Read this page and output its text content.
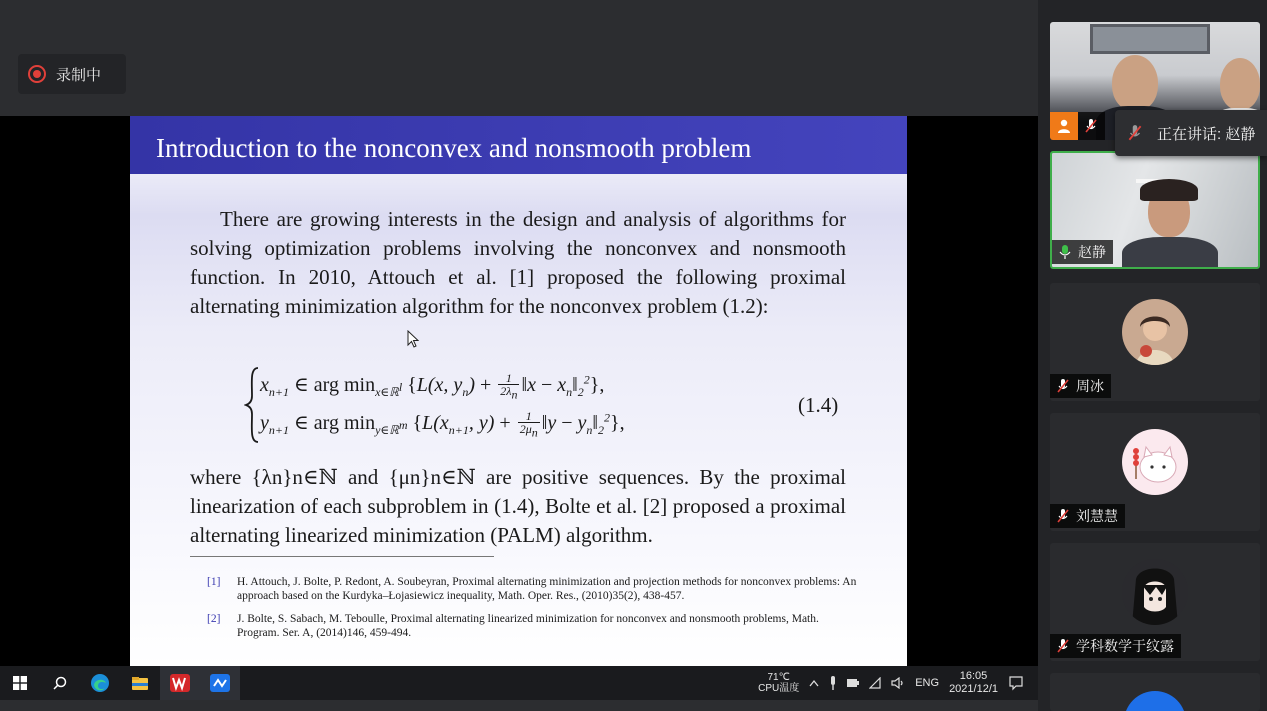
录制中
Introduction to the nonconvex and nonsmooth problem

There are growing interests in the design and analysis of algorithms for solving optimization problems involving the nonconvex and nonsmooth function. In 2010, Attouch et al. [1] proposed the following proximal alternating minimization algorithm for the nonconvex problem (1.2):

$x_{n+1}$ ∈ arg $\min_{x\in ℝ^l} \{L(x$, $y_n) + \frac{1}{2\lambda_n}$ ‖x − $x_n‖_2^2$},
$y_{n+1}$ ∈ arg $\min_{y\in ℝ^m} \{L(x_{n+1}$, $y) + \frac{1}{2\mu_n}$ ‖y − $y_n‖_2^2$},
(1.4)

where {λn}n∈ℕ and {μn}n∈ℕ are positive sequences. By the proximal linearization of each subproblem in (1.4), Bolte et al. [2] proposed a proximal alternating linearized minimization (PALM) algorithm.

[1]	H. Attouch, J. Bolte, P. Redont, A. Soubeyran, Proximal alternating minimization and projection methods for nonconvex problems: An approach based on the Kurdyka–Łojasiewicz inequality, Math. Oper. Res., (2010)35(2), 438-457.
[2]	J. Bolte, S. Sabach, M. Teboulle, Proximal alternating linearized minimization for nonconvex and nonsmooth problems, Math. Program. Ser. A, (2014)146, 459-494.
71℃
CPU温度	ENG
16:05
2021/12/1
赵静
周冰
刘慧慧
学科数学于纹露
正在讲话: 赵静
